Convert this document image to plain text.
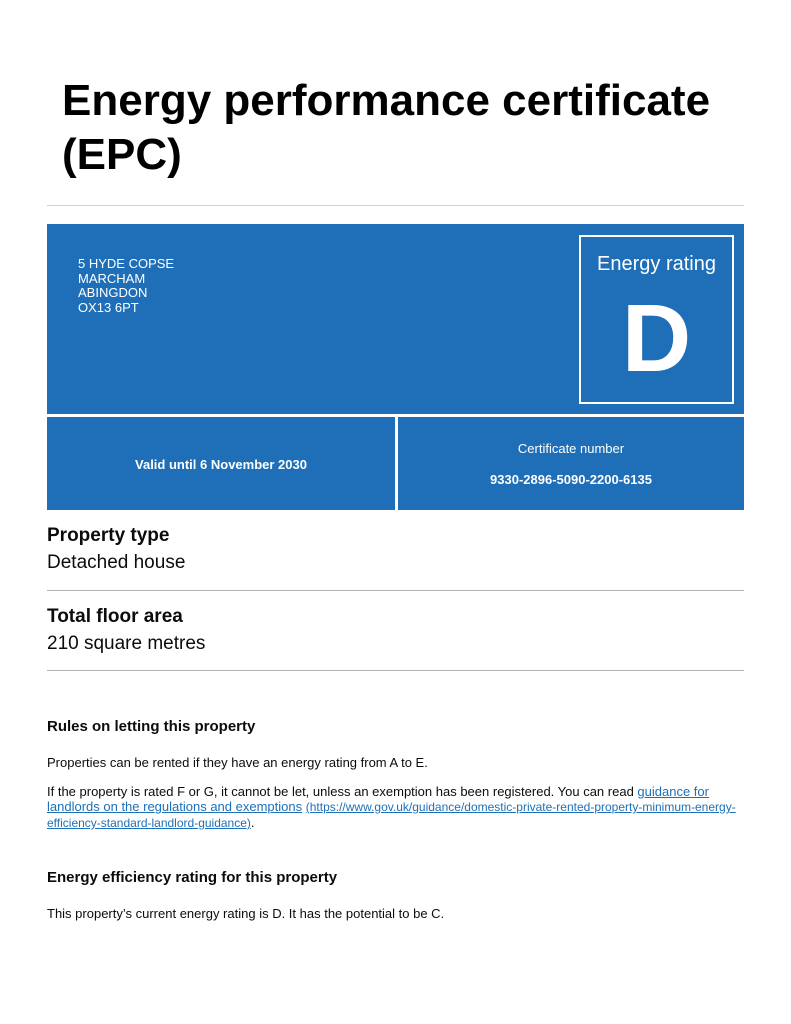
Energy performance certificate (EPC)
5 HYDE COPSE
MARCHAM
ABINGDON
OX13 6PT
Energy rating
D
Valid until 6 November 2030
Certificate number
9330-2896-5090-2200-6135
Property type
Detached house
Total floor area
210 square metres
Rules on letting this property
Properties can be rented if they have an energy rating from A to E.
If the property is rated F or G, it cannot be let, unless an exemption has been registered. You can read guidance for landlords on the regulations and exemptions (https://www.gov.uk/guidance/domestic-private-rented-property-minimum-energy-efficiency-standard-landlord-guidance).
Energy efficiency rating for this property
This property’s current energy rating is D. It has the potential to be C.
